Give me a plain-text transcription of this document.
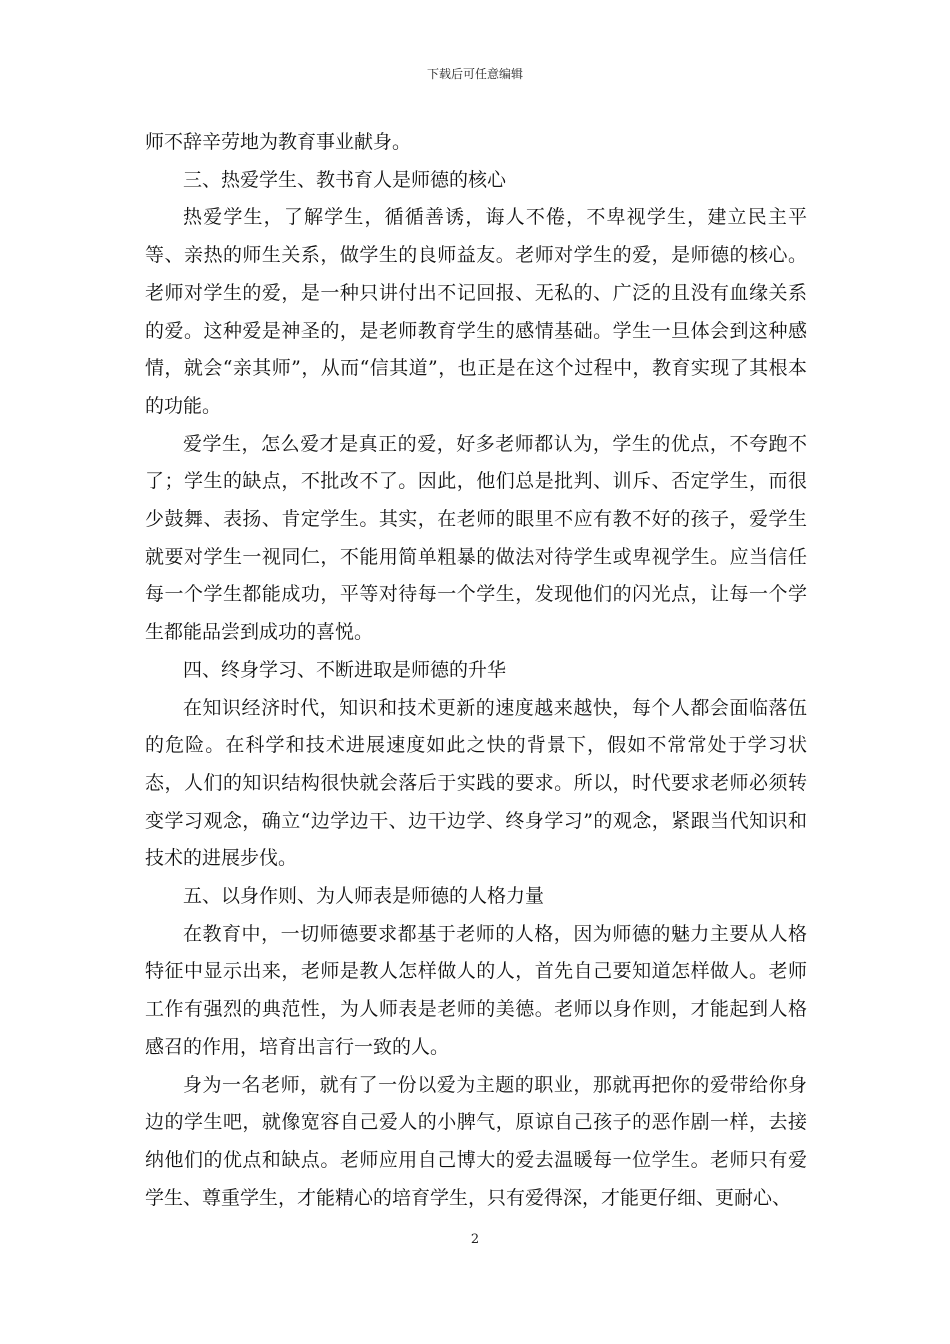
下载后可任意编辑

师不辞辛劳地为教育事业献身。

三、热爱学生、教书育人是师德的核心

热爱学生，了解学生，循循善诱，诲人不倦，不卑视学生，建立民主平等、亲热的师生关系，做学生的良师益友。老师对学生的爱，是师德的核心。老师对学生的爱，是一种只讲付出不记回报、无私的、广泛的且没有血缘关系的爱。这种爱是神圣的，是老师教育学生的感情基础。学生一旦体会到这种感情，就会“亲其师”，从而“信其道”，也正是在这个过程中，教育实现了其根本的功能。

爱学生，怎么爱才是真正的爱，好多老师都认为，学生的优点，不夸跑不了；学生的缺点，不批改不了。因此，他们总是批判、训斥、否定学生，而很少鼓舞、表扬、肯定学生。其实，在老师的眼里不应有教不好的孩子，爱学生就要对学生一视同仁，不能用简单粗暴的做法对待学生或卑视学生。应当信任每一个学生都能成功，平等对待每一个学生，发现他们的闪光点，让每一个学生都能品尝到成功的喜悦。

四、终身学习、不断进取是师德的升华

在知识经济时代，知识和技术更新的速度越来越快，每个人都会面临落伍的危险。在科学和技术进展速度如此之快的背景下，假如不常常处于学习状态，人们的知识结构很快就会落后于实践的要求。所以，时代要求老师必须转变学习观念，确立“边学边干、边干边学、终身学习”的观念，紧跟当代知识和技术的进展步伐。

五、以身作则、为人师表是师德的人格力量

在教育中，一切师德要求都基于老师的人格，因为师德的魅力主要从人格特征中显示出来，老师是教人怎样做人的人，首先自己要知道怎样做人。老师工作有强烈的典范性，为人师表是老师的美德。老师以身作则，才能起到人格感召的作用，培育出言行一致的人。

身为一名老师，就有了一份以爱为主题的职业，那就再把你的爱带给你身边的学生吧，就像宽容自己爱人的小脾气，原谅自己孩子的恶作剧一样，去接纳他们的优点和缺点。老师应用自己博大的爱去温暖每一位学生。老师只有爱学生、尊重学生，才能精心的培育学生，只有爱得深，才能更仔细、更耐心、

2
